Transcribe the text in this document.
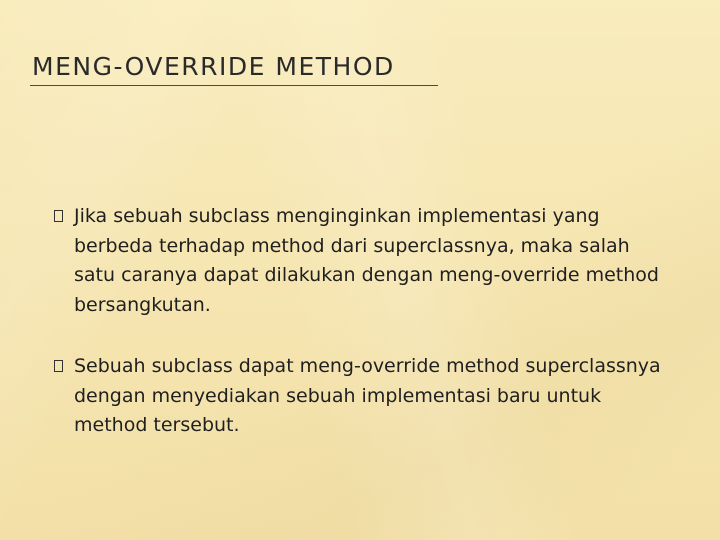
MENG-OVERRIDE METHOD
Jika sebuah subclass menginginkan implementasi yang berbeda terhadap method dari superclassnya, maka salah satu caranya dapat dilakukan dengan meng-override method bersangkutan.
Sebuah subclass dapat meng-override method superclassnya dengan menyediakan sebuah implementasi baru untuk method tersebut.
